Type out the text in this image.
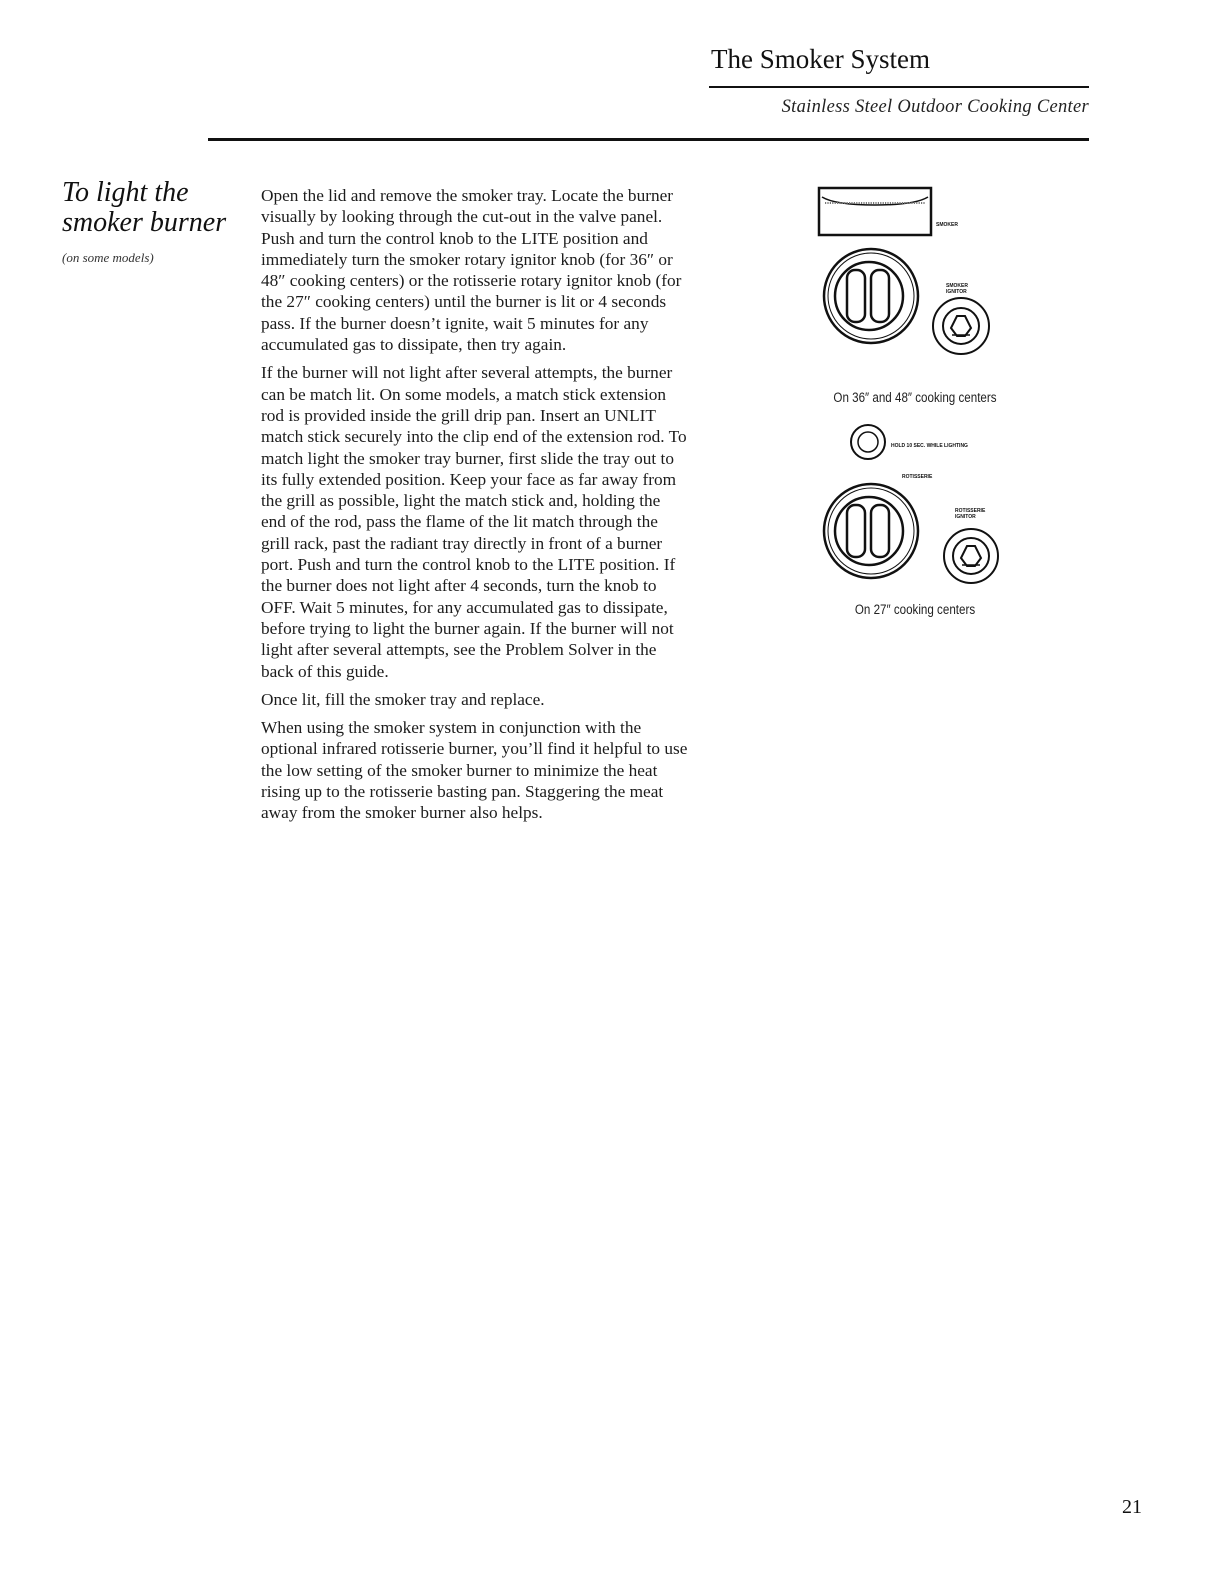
The Smoker System
Stainless Steel Outdoor Cooking Center
To light the smoker burner
(on some models)

Open the lid and remove the smoker tray. Locate the burner visually by looking through the cut-out in the valve panel. Push and turn the control knob to the LITE position and immediately turn the smoker rotary ignitor knob (for 36″ or 48″ cooking centers) or the rotisserie rotary ignitor knob (for the 27″ cooking centers) until the burner is lit or 4 seconds pass. If the burner doesn’t ignite, wait 5 minutes for any accumulated gas to dissipate, then try again.

If the burner will not light after several attempts, the burner can be match lit. On some models, a match stick extension rod is provided inside the grill drip pan. Insert an UNLIT match stick securely into the clip end of the extension rod. To match light the smoker tray burner, first slide the tray out to its fully extended position. Keep your face as far away from the grill as possible, light the match stick and, holding the end of the rod, pass the flame of the lit match through the grill rack, past the radiant tray directly in front of a burner port. Push and turn the control knob to the LITE position. If the burner does not light after 4 seconds, turn the knob to OFF. Wait 5 minutes, for any accumulated gas to dissipate, before trying to light the burner again. If the burner will not light after several attempts, see the Problem Solver in the back of this guide.

Once lit, fill the smoker tray and replace.

When using the smoker system in conjunction with the optional infrared rotisserie burner, you’ll find it helpful to use the low setting of the smoker burner to minimize the heat rising up to the rotisserie basting pan. Staggering the meat away from the smoker burner also helps.

SMOKER
SMOKER IGNITOR
On 36″ and 48″ cooking centers
HOLD 10 SEC. WHILE LIGHTING
ROTISSERIE
ROTISSERIE IGNITOR
On 27″ cooking centers
21
